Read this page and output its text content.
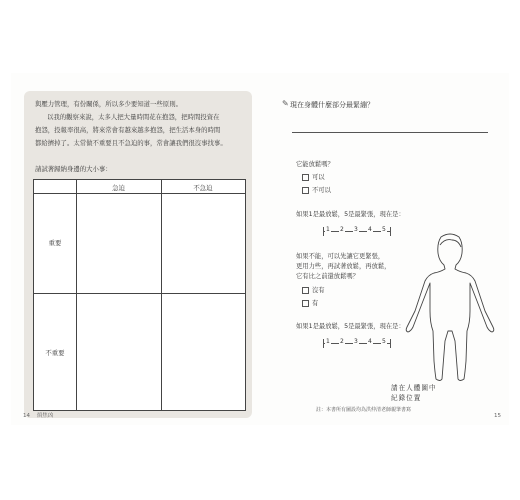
與壓力管理，有份關係，所以多少要知道一些原則。

以我的觀察來說，太多人把大量時間花在抱怨，把時間投資在

抱怨，投報率很高，將來常會有越來越多抱怨，把生活本身的時間

都給擠掉了。太常做不重要且不急迫的事，常會讓我們很沒事找事。

請試著歸納身邊的大小事：
急迫	不急迫
重要
不重要
14 煩焦凶
✎ 現在身體什麼部分最緊繃？
它能放鬆嗎？
可以
不可以
如果1是最放鬆，5是最緊張，現在是：
1 2 3 4 5
如果不能，可以先讓它更緊張，
更用力些，再試著放鬆，再放鬆，
它有比之前還放鬆嗎？
沒有
有
如果1是最放鬆，5是最緊張，現在是：
1 2 3 4 5
請在人體圖中
紀錄位置
註：本書所有圖設均為洪仲清老師親筆書寫
15
